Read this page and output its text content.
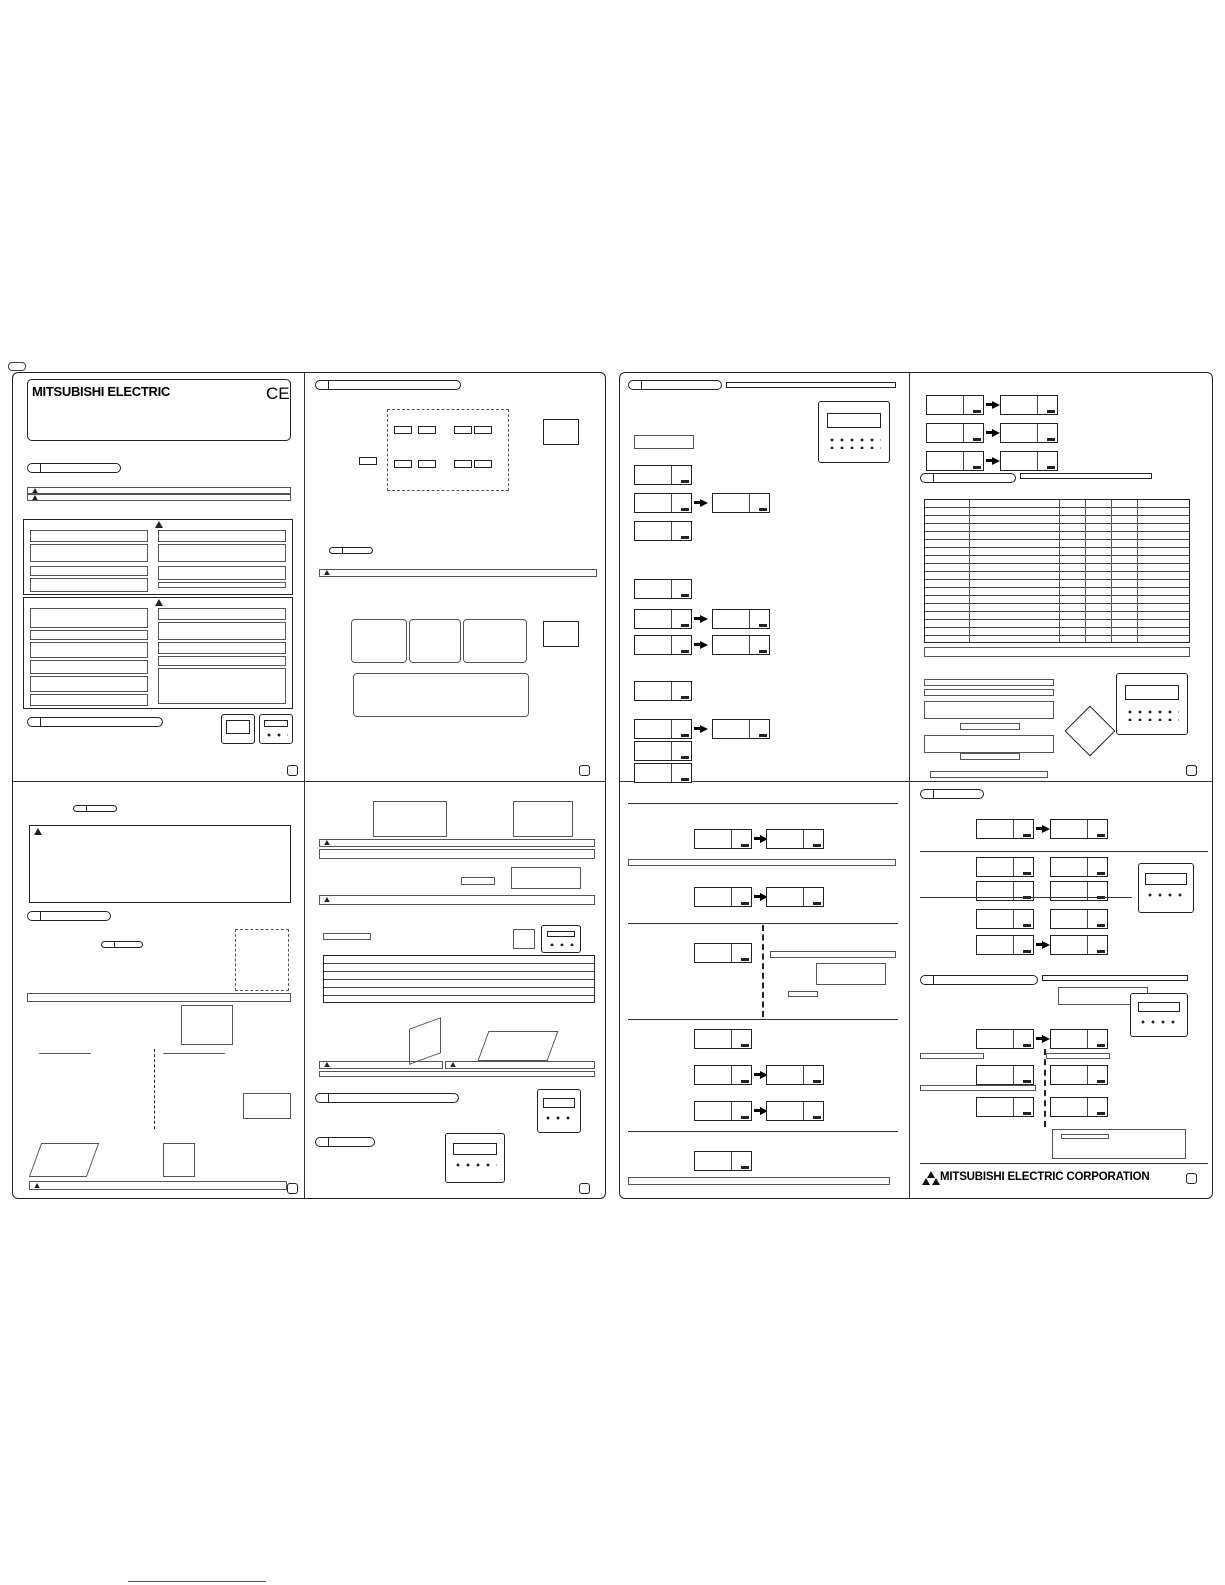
MITSUBISHI ELECTRIC	CE
MITSUBISHI ELECTRIC CORPORATION
